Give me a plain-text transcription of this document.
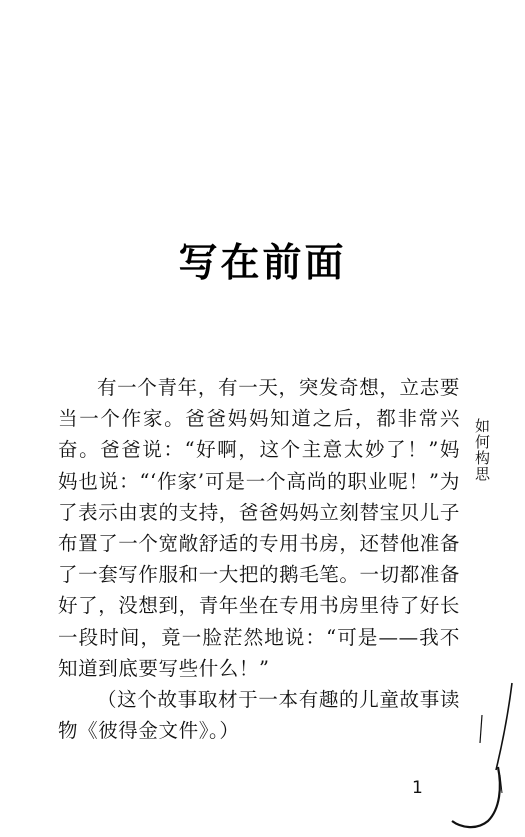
写在前面

有一个青年，有一天，突发奇想，立志要当一个作家。爸爸妈妈知道之后，都非常兴奋。爸爸说：“好啊，这个主意太妙了！”妈妈也说：“‘作家’可是一个高尚的职业呢！”为了表示由衷的支持，爸爸妈妈立刻替宝贝儿子布置了一个宽敞舒适的专用书房，还替他准备了一套写作服和一大把的鹅毛笔。一切都准备好了，没想到，青年坐在专用书房里待了好长一段时间，竟一脸茫然地说：“可是——我不知道到底要写些什么！”

（这个故事取材于一本有趣的儿童故事读物《彼得金文件》。）

如何构思
1
